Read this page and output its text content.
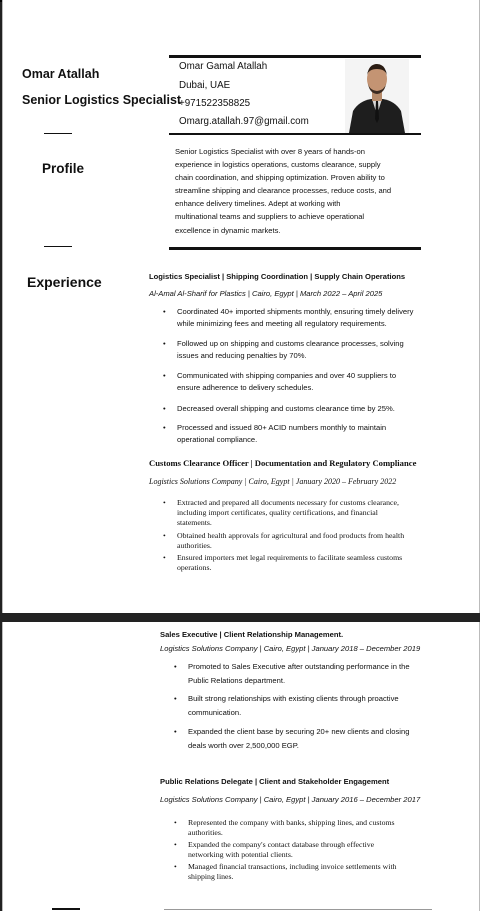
Omar Atallah
Senior Logistics Specialist
Omar Gamal Atallah
Dubai, UAE
+971522358825
Omarg.atallah.97@gmail.com
Profile
Senior Logistics Specialist with over 8 years of hands-on
experience in logistics operations, customs clearance, supply
chain coordination, and shipping optimization. Proven ability to
streamline shipping and clearance processes, reduce costs, and
enhance delivery timelines. Adept at working with
multinational teams and suppliers to achieve operational
excellence in dynamic markets.
Experience	Logistics Specialist | Shipping Coordination | Supply Chain Operations
Al-Amal Al-Sharif for Plastics | Cairo, Egypt | March 2022 – April 2025
•	Coordinated 40+ imported shipments monthly, ensuring timely delivery
while minimizing fees and meeting all regulatory requirements.
•	Followed up on shipping and customs clearance processes, solving
issues and reducing penalties by 70%.
•	Communicated with shipping companies and over 40 suppliers to
ensure adherence to delivery schedules.
•	Decreased overall shipping and customs clearance time by 25%.
•	Processed and issued 80+ ACID numbers monthly to maintain
operational compliance.
Customs Clearance Officer | Documentation and Regulatory Compliance
Logistics Solutions Company | Cairo, Egypt | January 2020 – February 2022
•	Extracted and prepared all documents necessary for customs clearance,
including import certificates, quality certifications, and financial
statements.
•	Obtained health approvals for agricultural and food products from health
authorities.
•	Ensured importers met legal requirements to facilitate seamless customs
operations.
Sales Executive | Client Relationship Management.
Logistics Solutions Company | Cairo, Egypt | January 2018 – December 2019
•	Promoted to Sales Executive after outstanding performance in the
Public Relations department.
•	Built strong relationships with existing clients through proactive
communication.
•	Expanded the client base by securing 20+ new clients and closing
deals worth over 2,500,000 EGP.
Public Relations Delegate | Client and Stakeholder Engagement
Logistics Solutions Company | Cairo, Egypt | January 2016 – December 2017
•	Represented the company with banks, shipping lines, and customs
authorities.
•	Expanded the company's contact database through effective
networking with potential clients.
•	Managed financial transactions, including invoice settlements with
shipping lines.
